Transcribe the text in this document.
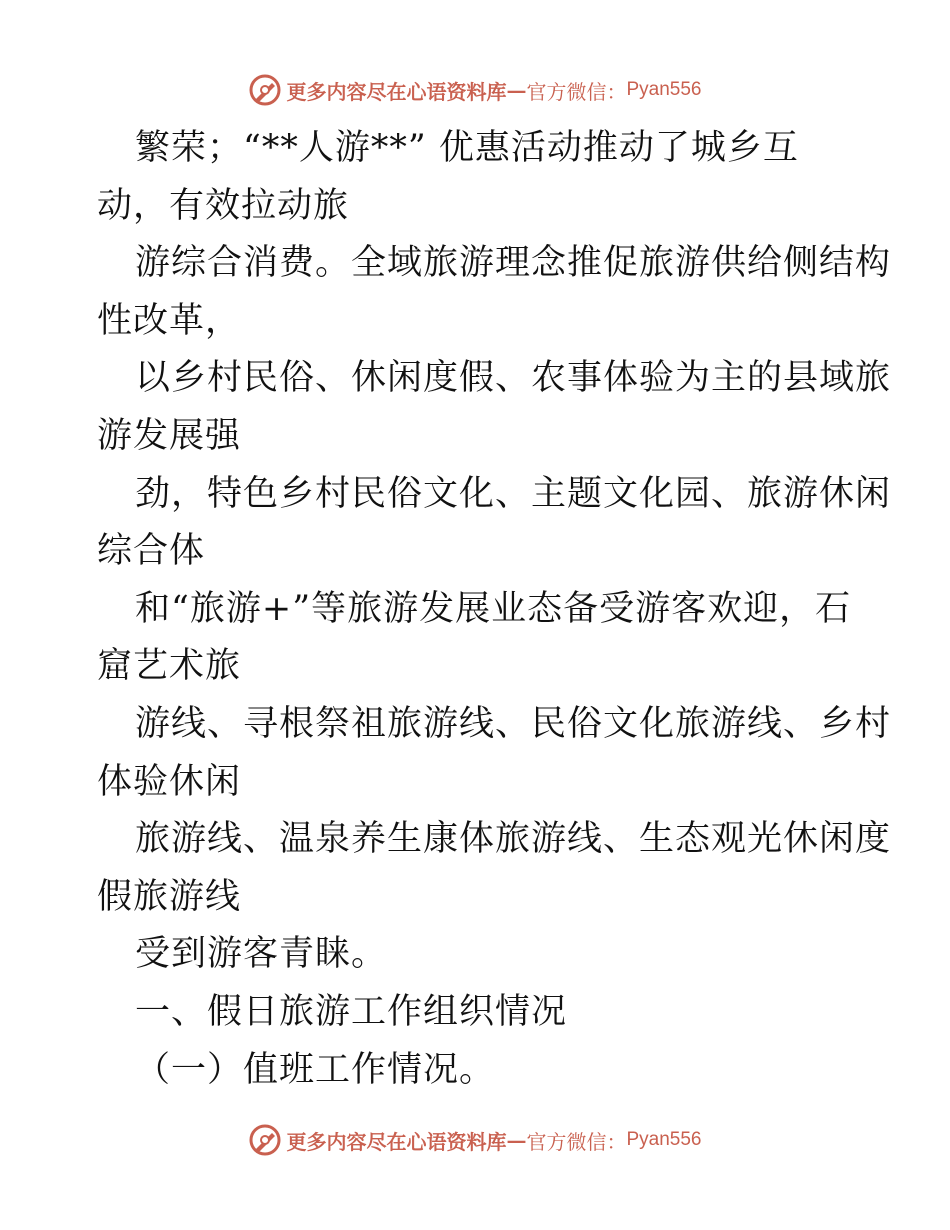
更多内容尽在心语资料库 — 官方微信： Pyan556
繁荣；“**人游**” 优惠活动推动了城乡互
动，有效拉动旅
游综合消费。全域旅游理念推促旅游供给侧结构
性改革，
以乡村民俗、休闲度假、农事体验为主的县域旅
游发展强
劲，特色乡村民俗文化、主题文化园、旅游休闲
综合体
和“旅游+”等旅游发展业态备受游客欢迎，石
窟艺术旅
游线、寻根祭祖旅游线、民俗文化旅游线、乡村
体验休闲
旅游线、温泉养生康体旅游线、生态观光休闲度
假旅游线
受到游客青睐。
一、假日旅游工作组织情况
（一）值班工作情况。
更多内容尽在心语资料库 — 官方微信： Pyan556
